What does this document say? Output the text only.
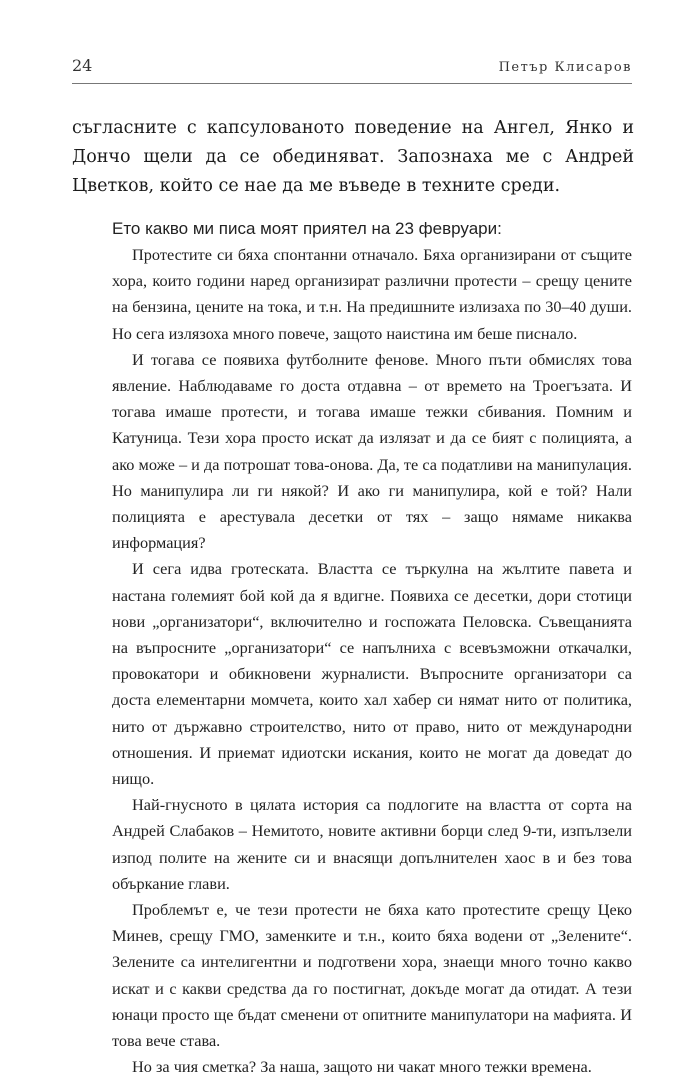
24	Петър Клисаров

съгласните с капсулованото поведение на Ангел, Янко и Дончо щели да се обединяват. Запознаха ме с Андрей Цветков, който се нае да ме въведе в техните среди.

Ето какво ми писа моят приятел на 23 февруари:

Протестите си бяха спонтанни отначало. Бяха организирани от същите хора, които години наред организират различни протести – срещу цените на бензина, цените на тока, и т.н. На предишните излизаха по 30–40 души. Но сега излязоха много повече, защото наистина им беше писнало.

И тогава се появиха футболните фенове. Много пъти обмислях това явление. Наблюдаваме го доста отдавна – от времето на Троегъзата. И тогава имаше протести, и тогава имаше тежки сбивания. Помним и Катуница. Тези хора просто искат да излязат и да се бият с полицията, а ако може – и да потрошат това-онова. Да, те са податливи на манипулация. Но манипулира ли ги някой? И ако ги манипулира, кой е той? Нали полицията е арестувала десетки от тях – защо нямаме никаква информация?

И сега идва гротеската. Властта се търкулна на жълтите павета и настана големият бой кой да я вдигне. Появиха се десетки, дори стотици нови „организатори“, включително и госпожата Пеловска. Съвещанията на въпросните „организатори“ се напълниха с всевъзможни откачалки, провокатори и обикновени журналисти. Въпросните организатори са доста елементарни момчета, които хал хабер си нямат нито от политика, нито от държавно строителство, нито от право, нито от международни отношения. И приемат идиотски искания, които не могат да доведат до нищо.

Най-гнусното в цялата история са подлогите на властта от сорта на Андрей Слабаков – Немитото, новите активни борци след 9-ти, изпълзели изпод полите на жените си и внасящи допълнителен хаос в и без това объркание глави.

Проблемът е, че тези протести не бяха като протестите срещу Цеко Минев, срещу ГМО, заменките и т.н., които бяха водени от „Зелените“. Зелените са интелигентни и подготвени хора, знаещи много точно какво искат и с какви средства да го постигнат, докъде могат да отидат. А тези юнаци просто ще бъдат сменени от опитните манипулатори на мафията. И това вече става.

Но за чия сметка? За наша, защото ни чакат много тежки времена.
